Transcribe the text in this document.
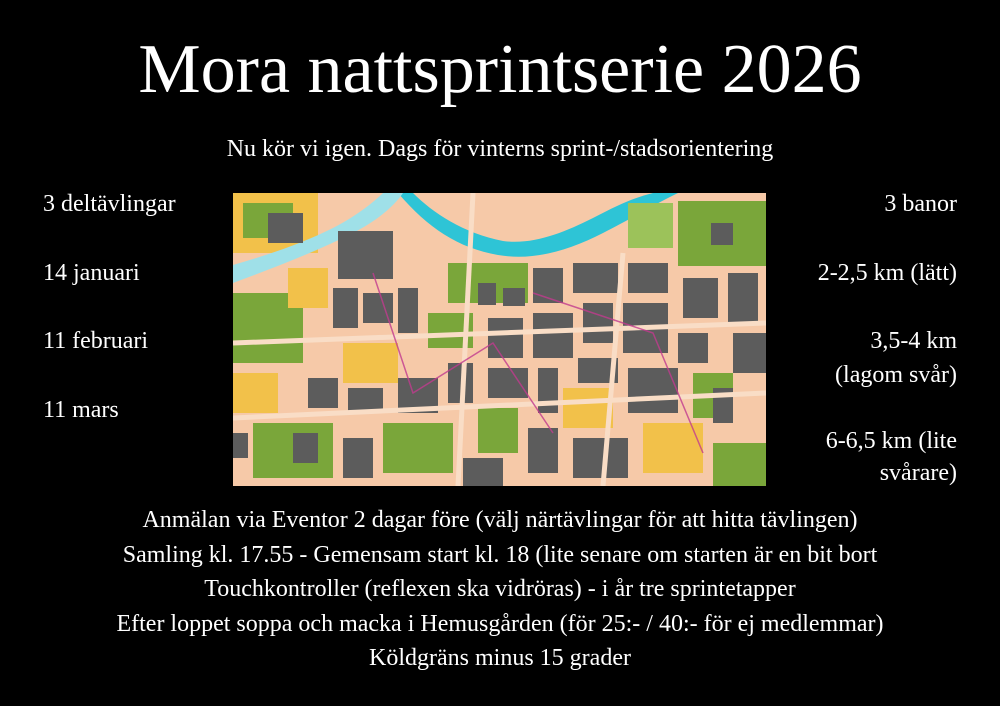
Mora nattsprintserie 2026
Nu kör vi igen. Dags för vinterns sprint-/stadsorientering
3 deltävlingar
14 januari
11 februari
11 mars
3 banor
2-2,5 km (lätt)
3,5-4 km
(lagom svår)
6-6,5 km (lite
svårare)
Anmälan via Eventor 2 dagar före (välj närtävlingar för att hitta tävlingen)
Samling kl. 17.55 - Gemensam start kl. 18 (lite senare om starten är en bit bort
Touchkontroller (reflexen ska vidröras) - i år tre sprintetapper
Efter loppet soppa och macka i Hemusgården (för 25:- / 40:- för ej medlemmar)
Köldgräns minus 15 grader
